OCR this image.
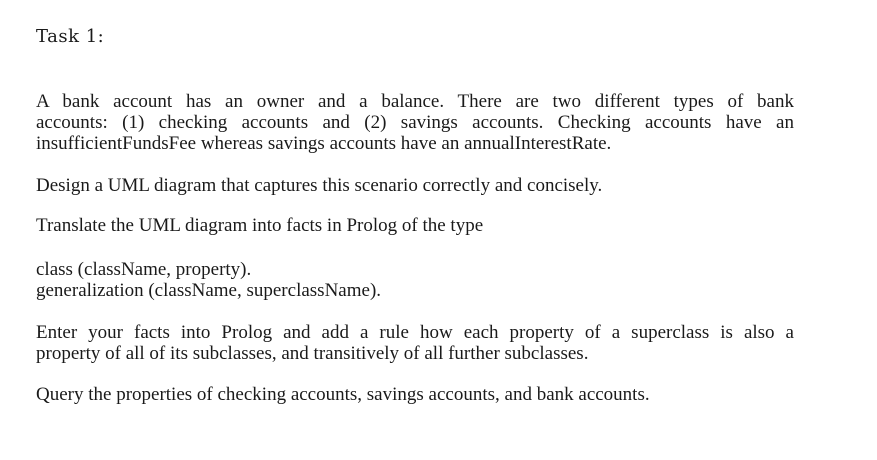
Task 1:

A bank account has an owner and a balance. There are two different types of bank
accounts: (1) checking accounts and (2) savings accounts. Checking accounts have an
insufficientFundsFee whereas savings accounts have an annualInterestRate.

Design a UML diagram that captures this scenario correctly and concisely.

Translate the UML diagram into facts in Prolog of the type

class (className, property).
generalization (className, superclassName).

Enter your facts into Prolog and add a rule how each property of a superclass is also a
property of all of its subclasses, and transitively of all further subclasses.

Query the properties of checking accounts, savings accounts, and bank accounts.
